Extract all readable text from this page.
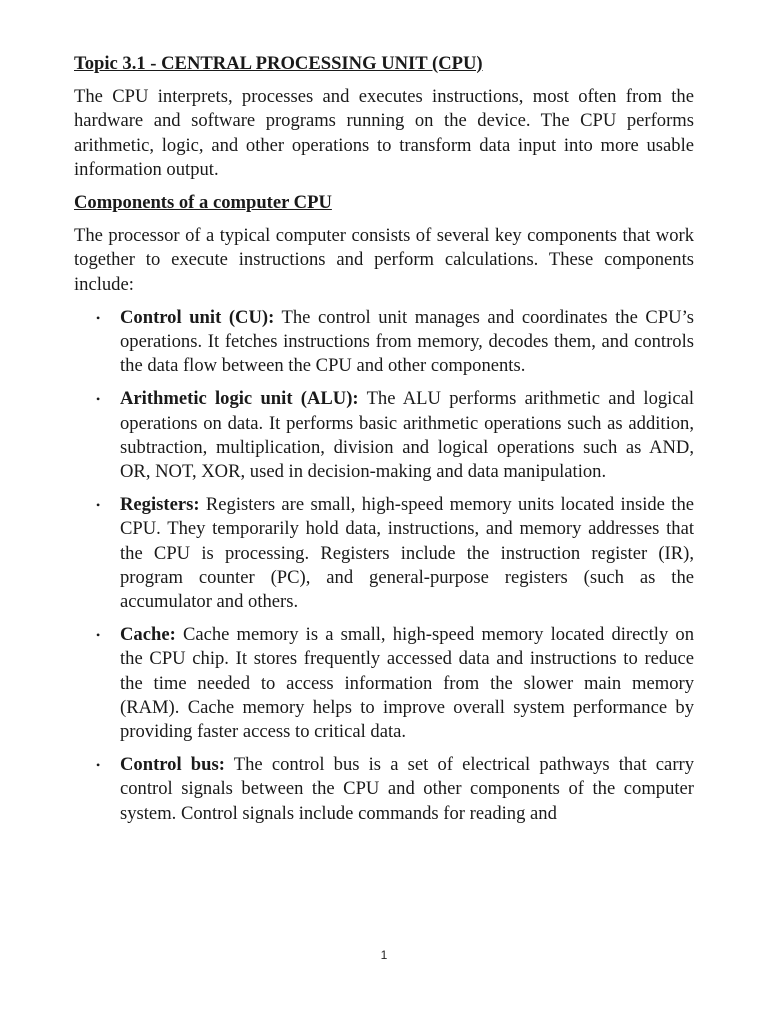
Topic 3.1 - CENTRAL PROCESSING UNIT (CPU)

The CPU interprets, processes and executes instructions, most often from the hardware and software programs running on the device. The CPU performs arithmetic, logic, and other operations to transform data input into more usable information output.

Components of a computer CPU

The processor of a typical computer consists of several key components that work together to execute instructions and perform calculations. These components include:

• Control unit (CU): The control unit manages and coordinates the CPU’s operations. It fetches instructions from memory, decodes them, and controls the data flow between the CPU and other components.
• Arithmetic logic unit (ALU): The ALU performs arithmetic and logical operations on data. It performs basic arithmetic operations such as addition, subtraction, multiplication, division and logical operations such as AND, OR, NOT, XOR, used in decision-making and data manipulation.
• Registers: Registers are small, high-speed memory units located inside the CPU. They temporarily hold data, instructions, and memory addresses that the CPU is processing. Registers include the instruction register (IR), program counter (PC), and general-purpose registers (such as the accumulator and others.
• Cache: Cache memory is a small, high-speed memory located directly on the CPU chip. It stores frequently accessed data and instructions to reduce the time needed to access information from the slower main memory (RAM). Cache memory helps to improve overall system performance by providing faster access to critical data.
• Control bus: The control bus is a set of electrical pathways that carry control signals between the CPU and other components of the computer system. Control signals include commands for reading and
1
